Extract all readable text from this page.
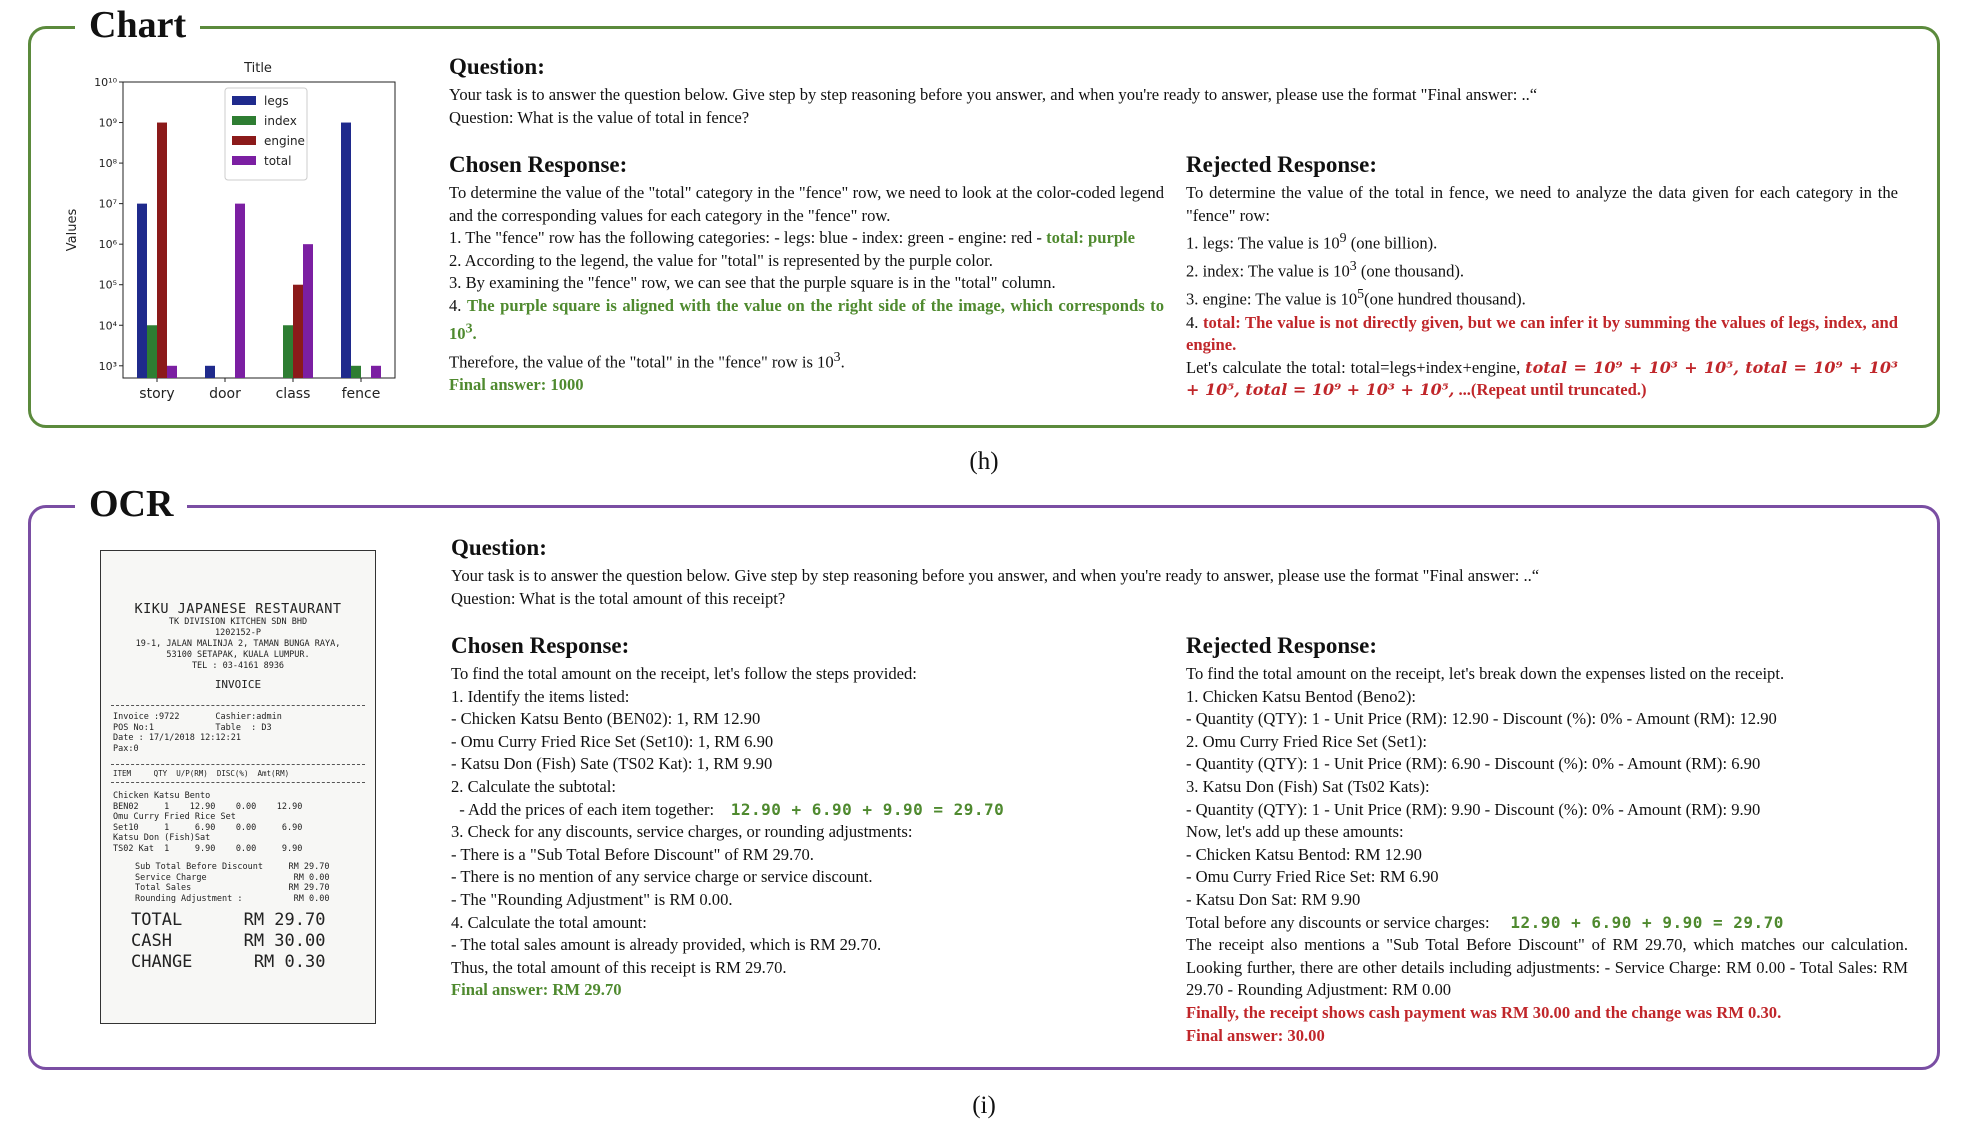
Chart
Title
Values
10³
10⁴
10⁵
10⁶
10⁷
10⁸
10⁹
10¹⁰
story door class fence
legs
index
engine
total
Question:

Your task is to answer the question below. Give step by step reasoning before you answer, and when you're ready to answer, please use the format "Final answer: ..“

Question: What is the value of total in fence?

Chosen Response:

To determine the value of the "total" category in the "fence" row, we need to look at the color-coded legend and the corresponding values for each category in the "fence" row.

1. The "fence" row has the following categories: - legs: blue - index: green - engine: red - total: purple

2. According to the legend, the value for "total" is represented by the purple color.

3. By examining the "fence" row, we can see that the purple square is in the "total" column.

4. The purple square is aligned with the value on the right side of the image, which corresponds to $10^3$.

Therefore, the value of the "total" in the "fence" row is $10^3$.

Final answer: 1000

Rejected Response:

To determine the value of the total in fence, we need to analyze the data given for each category in the "fence" row:

1. legs: The value is $10^9$ (one billion).

2. index: The value is $10^3$ (one thousand).

3. engine: The value is $10^5(one$ hundred thousand).

4. total: The value is not directly given, but we can infer it by summing the values of legs, index, and engine.

Let's calculate the total: total=legs+index+engine, total = 10⁹ + 10³ + 10⁵, total = 10⁹ + 10³ + 10⁵, total = 10⁹ + 10³ + 10⁵, ...(Repeat until truncated.)

(h)
OCR
KIKU JAPANESE RESTAURANT
TK DIVISION KITCHEN SDN BHD
1202152-P
19-1, JALAN MALINJA 2, TAMAN BUNGA RAYA,
53100 SETAPAK, KUALA LUMPUR.
TEL : 03-4161 8936
INVOICE
Invoice :9722       Cashier:admin
POS No:1            Table  : D3
Date : 17/1/2018 12:12:21
Pax:0
ITEM     QTY  U/P(RM)  DISC(%)  Amt(RM)
Chicken Katsu Bento
BEN02     1    12.90    0.00    12.90
Omu Curry Fried Rice Set
Set10     1     6.90    0.00     6.90
Katsu Don (Fish)Sat
TS02 Kat  1     9.90    0.00     9.90
Sub Total Before Discount     RM 29.70
Service Charge                 RM 0.00
Total Sales                   RM 29.70
Rounding Adjustment :          RM 0.00
TOTAL      RM 29.70
CASH       RM 30.00
CHANGE      RM 0.30
Question:

Your task is to answer the question below. Give step by step reasoning before you answer, and when you're ready to answer, please use the format "Final answer: ..“

Question: What is the total amount of this receipt?

Chosen Response:

To find the total amount on the receipt, let's follow the steps provided:

1. Identify the items listed:

- Chicken Katsu Bento (BEN02): 1, RM 12.90

- Omu Curry Fried Rice Set (Set10): 1, RM 6.90

- Katsu Don (Fish) Sate (TS02 Kat): 1, RM 9.90

2. Calculate the subtotal:

- Add the prices of each item together: 12.90 + 6.90 + 9.90 = 29.70

3. Check for any discounts, service charges, or rounding adjustments:

- There is a "Sub Total Before Discount" of RM 29.70.

- There is no mention of any service charge or service discount.

- The "Rounding Adjustment" is RM 0.00.

4. Calculate the total amount:

- The total sales amount is already provided, which is RM 29.70.

Thus, the total amount of this receipt is RM 29.70.

Final answer: RM 29.70

Rejected Response:

To find the total amount on the receipt, let's break down the expenses listed on the receipt.

1. Chicken Katsu Bentod (Beno2):

- Quantity (QTY): 1 - Unit Price (RM): 12.90 - Discount (%): 0% - Amount (RM): 12.90

2. Omu Curry Fried Rice Set (Set1):

- Quantity (QTY): 1 - Unit Price (RM): 6.90 - Discount (%): 0% - Amount (RM): 6.90

3. Katsu Don (Fish) Sat (Ts02 Kats):

- Quantity (QTY): 1 - Unit Price (RM): 9.90 - Discount (%): 0% - Amount (RM): 9.90

Now, let's add up these amounts:

- Chicken Katsu Bentod: RM 12.90

- Omu Curry Fried Rice Set: RM 6.90

- Katsu Don Sat: RM 9.90

Total before any discounts or service charges: 12.90 + 6.90 + 9.90 = 29.70

The receipt also mentions a "Sub Total Before Discount" of RM 29.70, which matches our calculation. Looking further, there are other details including adjustments: - Service Charge: RM 0.00 - Total Sales: RM 29.70 - Rounding Adjustment: RM 0.00

Finally, the receipt shows cash payment was RM 30.00 and the change was RM 0.30.

Final answer: 30.00

(i)
